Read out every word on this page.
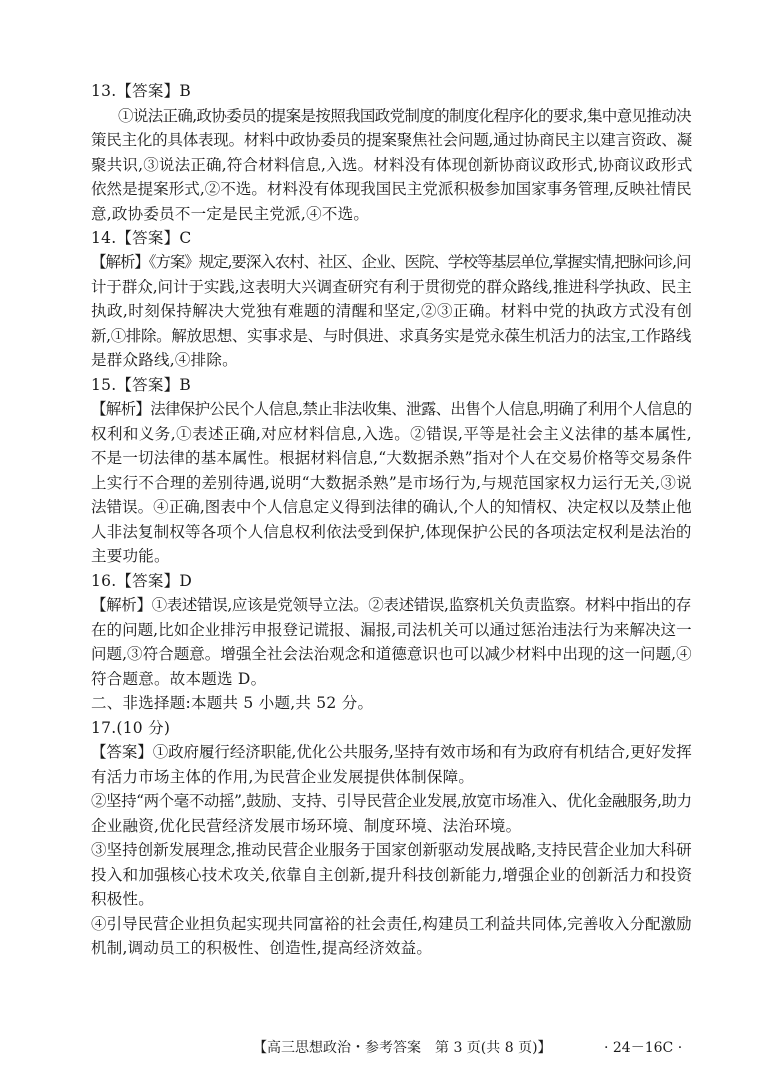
13.【答案】B
①说法正确,政协委员的提案是按照我国政党制度的制度化程序化的要求,集中意见推动决
策民主化的具体表现。材料中政协委员的提案聚焦社会问题,通过协商民主以建言资政、凝
聚共识,③说法正确,符合材料信息,入选。材料没有体现创新协商议政形式,协商议政形式
依然是提案形式,②不选。材料没有体现我国民主党派积极参加国家事务管理,反映社情民
意,政协委员不一定是民主党派,④不选。
14.【答案】C
【解析】《方案》规定,要深入农村、社区、企业、医院、学校等基层单位,掌握实情,把脉问诊,问
计于群众,问计于实践,这表明大兴调查研究有利于贯彻党的群众路线,推进科学执政、民主
执政,时刻保持解决大党独有难题的清醒和坚定,②③正确。材料中党的执政方式没有创
新,①排除。解放思想、实事求是、与时俱进、求真务实是党永葆生机活力的法宝,工作路线
是群众路线,④排除。
15.【答案】B
【解析】法律保护公民个人信息,禁止非法收集、泄露、出售个人信息,明确了利用个人信息的
权利和义务,①表述正确,对应材料信息,入选。②错误,平等是社会主义法律的基本属性,
不是一切法律的基本属性。根据材料信息,“大数据杀熟”指对个人在交易价格等交易条件
上实行不合理的差别待遇,说明“大数据杀熟”是市场行为,与规范国家权力运行无关,③说
法错误。④正确,图表中个人信息定义得到法律的确认,个人的知情权、决定权以及禁止他
人非法复制权等各项个人信息权利依法受到保护,体现保护公民的各项法定权利是法治的
主要功能。
16.【答案】D
【解析】①表述错误,应该是党领导立法。②表述错误,监察机关负责监察。材料中指出的存
在的问题,比如企业排污申报登记谎报、漏报,司法机关可以通过惩治违法行为来解决这一
问题,③符合题意。增强全社会法治观念和道德意识也可以减少材料中出现的这一问题,④
符合题意。故本题选 D。
二、非选择题:本题共 5 小题,共 52 分。
17.(10 分)
【答案】①政府履行经济职能,优化公共服务,坚持有效市场和有为政府有机结合,更好发挥
有活力市场主体的作用,为民营企业发展提供体制保障。
②坚持“两个毫不动摇”,鼓励、支持、引导民营企业发展,放宽市场准入、优化金融服务,助力
企业融资,优化民营经济发展市场环境、制度环境、法治环境。
③坚持创新发展理念,推动民营企业服务于国家创新驱动发展战略,支持民营企业加大科研
投入和加强核心技术攻关,依靠自主创新,提升科技创新能力,增强企业的创新活力和投资
积极性。
④引导民营企业担负起实现共同富裕的社会责任,构建员工利益共同体,完善收入分配激励
机制,调动员工的积极性、创造性,提高经济效益。
【高三思想政治・参考答案　第 3 页(共 8 页)】	· 24－16C ·
